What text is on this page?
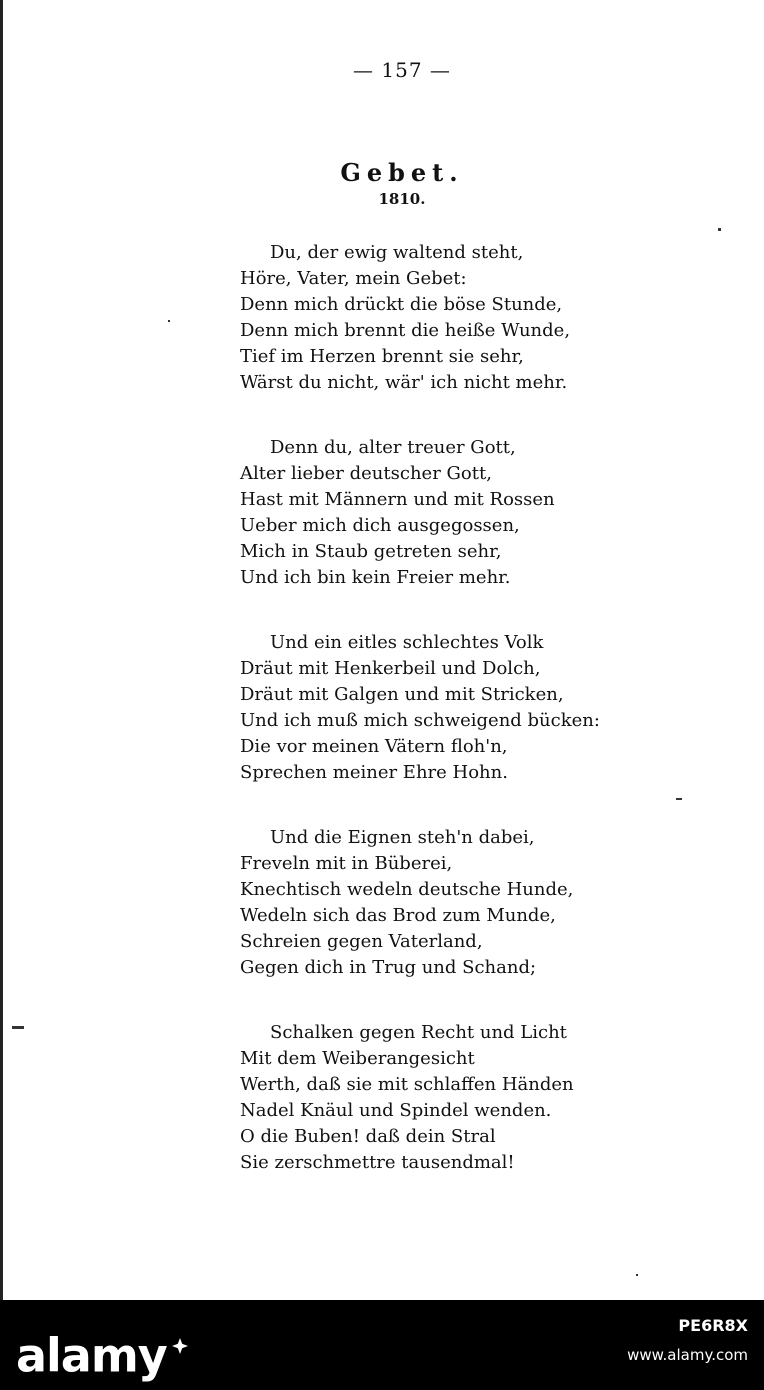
— 157 —
Gebet.
1810.
Du, der ewig waltend steht,
Höre, Vater, mein Gebet:
Denn mich drückt die böse Stunde,
Denn mich brennt die heiße Wunde,
Tief im Herzen brennt sie sehr,
Wärst du nicht, wär' ich nicht mehr.
Denn du, alter treuer Gott,
Alter lieber deutscher Gott,
Hast mit Männern und mit Rossen
Ueber mich dich ausgegossen,
Mich in Staub getreten sehr,
Und ich bin kein Freier mehr.
Und ein eitles schlechtes Volk
Dräut mit Henkerbeil und Dolch,
Dräut mit Galgen und mit Stricken,
Und ich muß mich schweigend bücken:
Die vor meinen Vätern floh'n,
Sprechen meiner Ehre Hohn.
Und die Eignen steh'n dabei,
Freveln mit in Büberei,
Knechtisch wedeln deutsche Hunde,
Wedeln sich das Brod zum Munde,
Schreien gegen Vaterland,
Gegen dich in Trug und Schand;
Schalken gegen Recht und Licht
Mit dem Weiberangesicht
Werth, daß sie mit schlaffen Händen
Nadel Knäul und Spindel wenden.
O die Buben! daß dein Stral
Sie zerschmettre tausendmal!
alamy
PE6R8X
www.alamy.com
